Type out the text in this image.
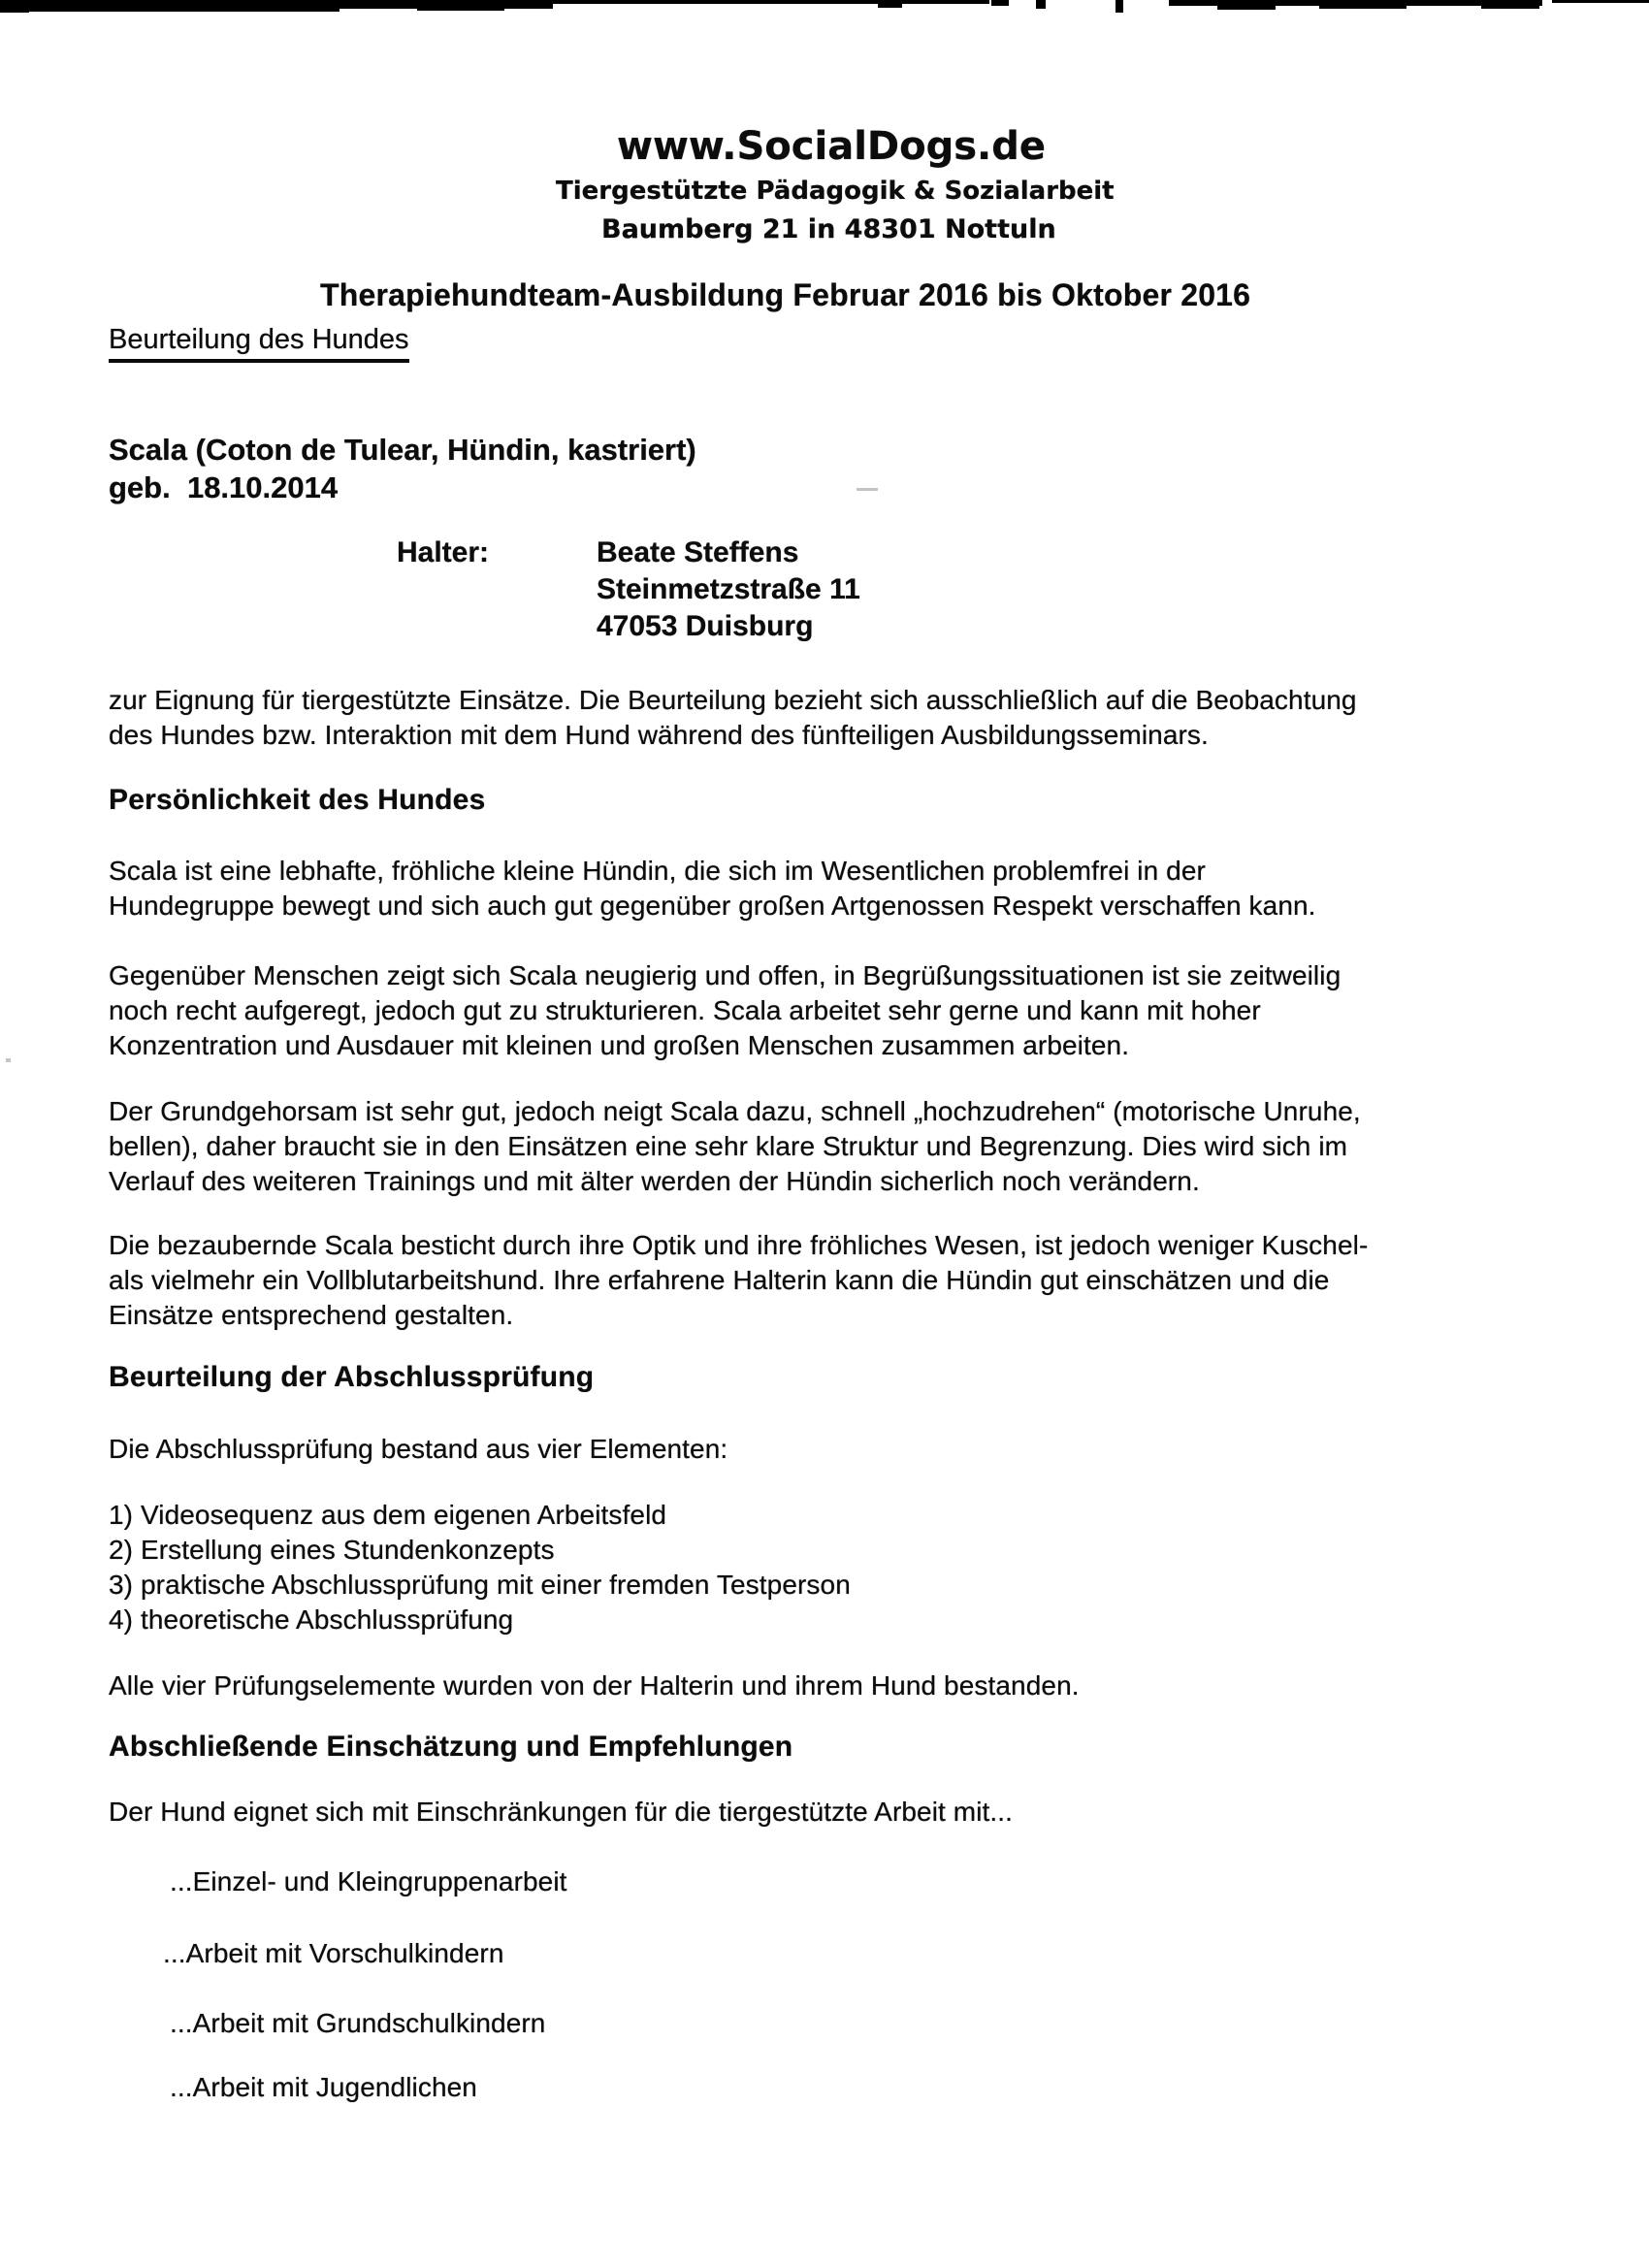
www.SocialDogs.de
Tiergestützte Pädagogik & Sozialarbeit
Baumberg 21 in 48301 Nottuln
Therapiehundteam-Ausbildung Februar 2016 bis Oktober 2016
Beurteilung des Hundes
Scala (Coton de Tulear, Hündin, kastriert)
geb.  18.10.2014
Halter:	Beate Steffens
Steinmetzstraße 11
47053 Duisburg
zur Eignung für tiergestützte Einsätze. Die Beurteilung bezieht sich ausschließlich auf die Beobachtung
des Hundes bzw. Interaktion mit dem Hund während des fünfteiligen Ausbildungsseminars.
Persönlichkeit des Hundes
Scala ist eine lebhafte, fröhliche kleine Hündin, die sich im Wesentlichen problemfrei in der
Hundegruppe bewegt und sich auch gut gegenüber großen Artgenossen Respekt verschaffen kann.
Gegenüber Menschen zeigt sich Scala neugierig und offen, in Begrüßungssituationen ist sie zeitweilig
noch recht aufgeregt, jedoch gut zu strukturieren. Scala arbeitet sehr gerne und kann mit hoher
Konzentration und Ausdauer mit kleinen und großen Menschen zusammen arbeiten.
Der Grundgehorsam ist sehr gut, jedoch neigt Scala dazu, schnell „hochzudrehen“ (motorische Unruhe,
bellen), daher braucht sie in den Einsätzen eine sehr klare Struktur und Begrenzung. Dies wird sich im
Verlauf des weiteren Trainings und mit älter werden der Hündin sicherlich noch verändern.
Die bezaubernde Scala besticht durch ihre Optik und ihre fröhliches Wesen, ist jedoch weniger Kuschel-
als vielmehr ein Vollblutarbeitshund. Ihre erfahrene Halterin kann die Hündin gut einschätzen und die
Einsätze entsprechend gestalten.
Beurteilung der Abschlussprüfung
Die Abschlussprüfung bestand aus vier Elementen:
1) Videosequenz aus dem eigenen Arbeitsfeld
2) Erstellung eines Stundenkonzepts
3) praktische Abschlussprüfung mit einer fremden Testperson
4) theoretische Abschlussprüfung
Alle vier Prüfungselemente wurden von der Halterin und ihrem Hund bestanden.
Abschließende Einschätzung und Empfehlungen
Der Hund eignet sich mit Einschränkungen für die tiergestützte Arbeit mit...
...Einzel- und Kleingruppenarbeit
...Arbeit mit Vorschulkindern
...Arbeit mit Grundschulkindern
...Arbeit mit Jugendlichen
